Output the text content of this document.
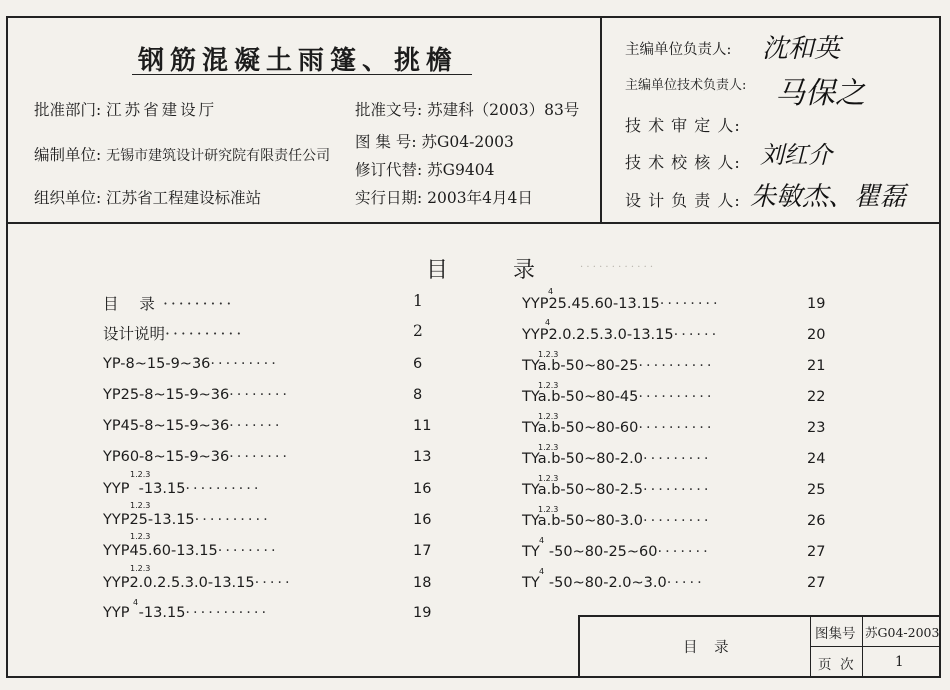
钢筋混凝土雨篷、挑檐
批准部门: 江苏省建设厅
编制单位: 无锡市建筑设计研究院有限责任公司
组织单位: 江苏省工程建设标准站
批准文号: 苏建科（2003）83号
图 集 号: 苏G04-2003
修订代替: 苏G9404
实行日期: 2003年4月4日
主编单位负责人: 沈和英
主编单位技术负责人: 马保之
技 术 审 定 人:
技 术 校 核 人: 刘红介
设 计 负 责 人: 朱敏杰、瞿磊
· · · · · · · · · · · ·
目	录
目 录·········	1
设计说明··········	2
YP-8~15-9~36·········	6
YP25-8~15-9~36········	8
YP45-8~15-9~36·······	11
YP60-8~15-9~36········	13
1.2.3
YYP  -13.15··········	16
1.2.3
YYP25-13.15··········	16
1.2.3
YYP45.60-13.15········	17
1.2.3
YYP2.0.2.5.3.0-13.15·····	18
4
YYP  -13.15···········	19
4
YYP25.45.60-13.15········	19
4
YYP2.0.2.5.3.0-13.15······	20
1.2.3
TYa.b-50~80-25··········	21
1.2.3
TYa.b-50~80-45··········	22
1.2.3
TYa.b-50~80-60··········	23
1.2.3
TYa.b-50~80-2.0·········	24
1.2.3
TYa.b-50~80-2.5·········	25
1.2.3
TYa.b-50~80-3.0·········	26
4
TY  -50~80-25~60·······	27
4
TY  -50~80-2.0~3.0·····	27
目 录
图集号 苏G04-2003
页  次	1
